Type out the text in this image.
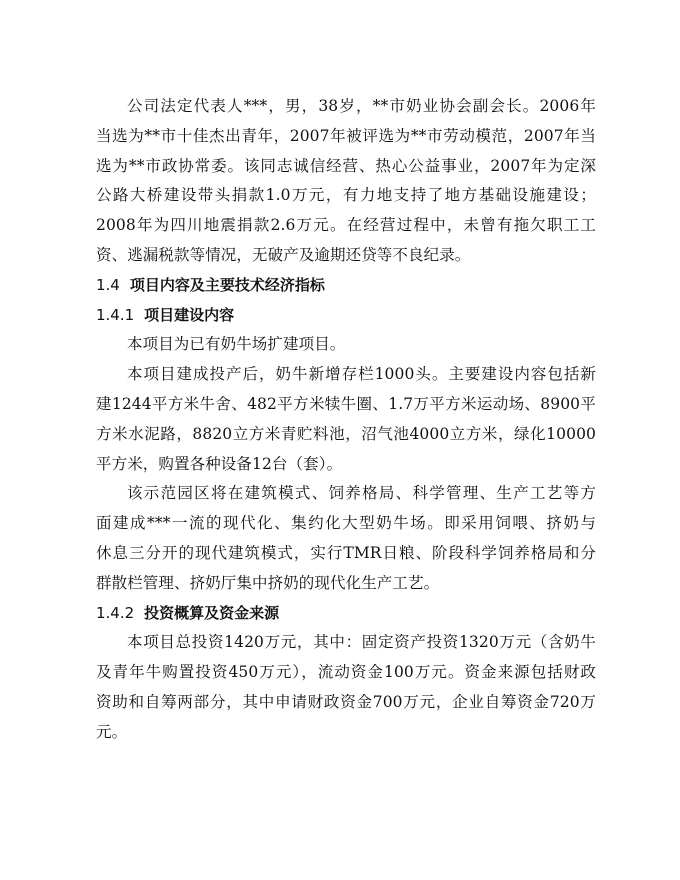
公司法定代表人***，男，38岁，**市奶业协会副会长。2006年
当选为**市十佳杰出青年，2007年被评选为**市劳动模范，2007年当
选为**市政协常委。该同志诚信经营、热心公益事业，2007年为定深
公路大桥建设带头捐款1.0万元，有力地支持了地方基础设施建设；
2008年为四川地震捐款2.6万元。在经营过程中，未曾有拖欠职工工
资、逃漏税款等情况，无破产及逾期还贷等不良纪录。
1.4 项目内容及主要技术经济指标
1.4.1 项目建设内容
本项目为已有奶牛场扩建项目。
本项目建成投产后，奶牛新增存栏1000头。主要建设内容包括新
建1244平方米牛舍、482平方米犊牛圈、1.7万平方米运动场、8900平
方米水泥路，8820立方米青贮料池，沼气池4000立方米，绿化10000
平方米，购置各种设备12台（套）。
该示范园区将在建筑模式、饲养格局、科学管理、生产工艺等方
面建成***一流的现代化、集约化大型奶牛场。即采用饲喂、挤奶与
休息三分开的现代建筑模式，实行TMR日粮、阶段科学饲养格局和分
群散栏管理、挤奶厅集中挤奶的现代化生产工艺。
1.4.2 投资概算及资金来源
本项目总投资1420万元，其中：固定资产投资1320万元（含奶牛
及青年牛购置投资450万元），流动资金100万元。资金来源包括财政
资助和自筹两部分，其中申请财政资金700万元，企业自筹资金720万
元。
